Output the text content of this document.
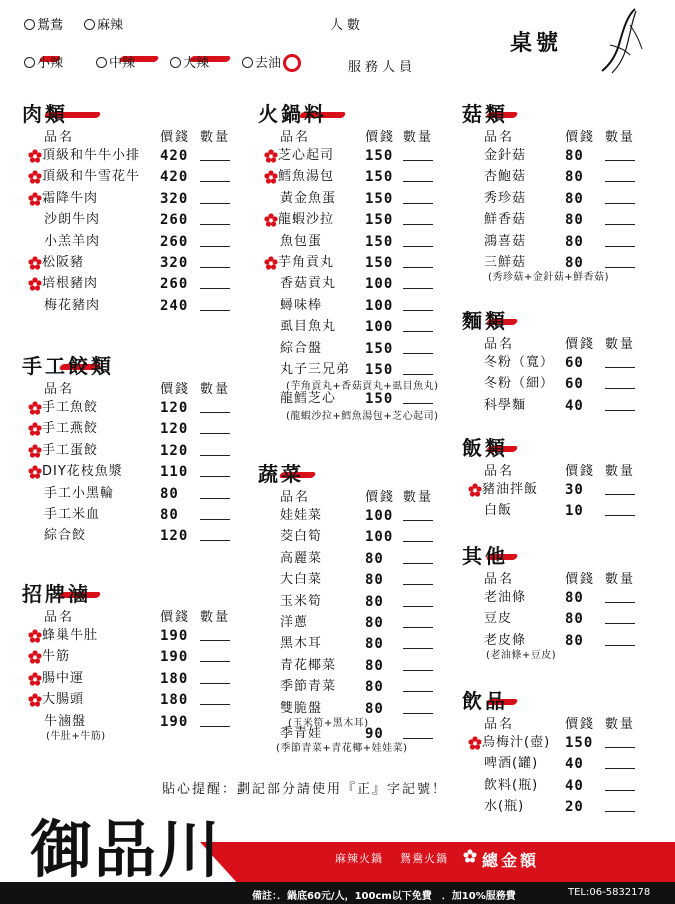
鴛鴦	麻辣	人數
小辣	中辣	大辣	去油	服務人員
桌號
肉類
品名	價錢 數量
頂級和牛牛小排 420
頂級和牛雪花牛 420
霜降牛肉	320
沙朗牛肉	260
小羔羊肉	260
松阪豬	320
培根豬肉	260
梅花豬肉	240
手工餃類
品名	價錢 數量
手工魚餃	120
手工燕餃	120
手工蛋餃	120
DIY花枝魚漿	110
手工小黑輪	80
手工米血	80
綜合餃	120
招牌滷
品名	價錢 數量
蜂巢牛肚	190
牛筋	190
腸中運	180
大腸頭	180
牛滷盤	190
(牛肚+牛筋)
火鍋料
品名	價錢 數量
芝心起司 150
鱈魚湯包 150
黃金魚蛋 150
龍蝦沙拉 150
魚包蛋	150
芋角貢丸 150
香菇貢丸 100
蟳味棒	100
虱目魚丸 100
綜合盤	150
丸子三兄弟 150
(芋角貢丸+香菇貢丸+虱目魚丸)
龍鱈芝心 150
(龍蝦沙拉+鱈魚湯包+芝心起司)
蔬菜
品名	價錢 數量
娃娃菜	100
茭白筍	100
高麗菜	80
大白菜	80
玉米筍	80
洋蔥	80
黑木耳	80
青花椰菜 80
季節青菜 80
雙脆盤	80
(玉米筍+黑木耳)
季青娃	90
(季節青菜+青花椰+娃娃菜)
菇類
品名	價錢 數量
金針菇	80
杏鮑菇	80
秀珍菇	80
鮮香菇	80
鴻喜菇	80
三鮮菇	80
(秀珍菇+金針菇+鮮香菇)
麵類
品名	價錢 數量
冬粉（寬） 60
冬粉（細） 60
科學麵	40
飯類
品名	價錢 數量
豬油拌飯 30
白飯	10
其他
品名	價錢 數量
老油條	80
豆皮	80
老皮條	80
(老油條+豆皮)
飲品
品名	價錢 數量
烏梅汁(壺) 150
啤酒(罐) 40
飲料(瓶) 40
水(瓶)	20
貼心提醒：劃記部分請使用『正』字記號！
御品川	麻辣火鍋 鴛鴦火鍋 總金額
備註：．鍋底60元/人，100cm以下免費　．加10%服務費	TEL:06-5832178
